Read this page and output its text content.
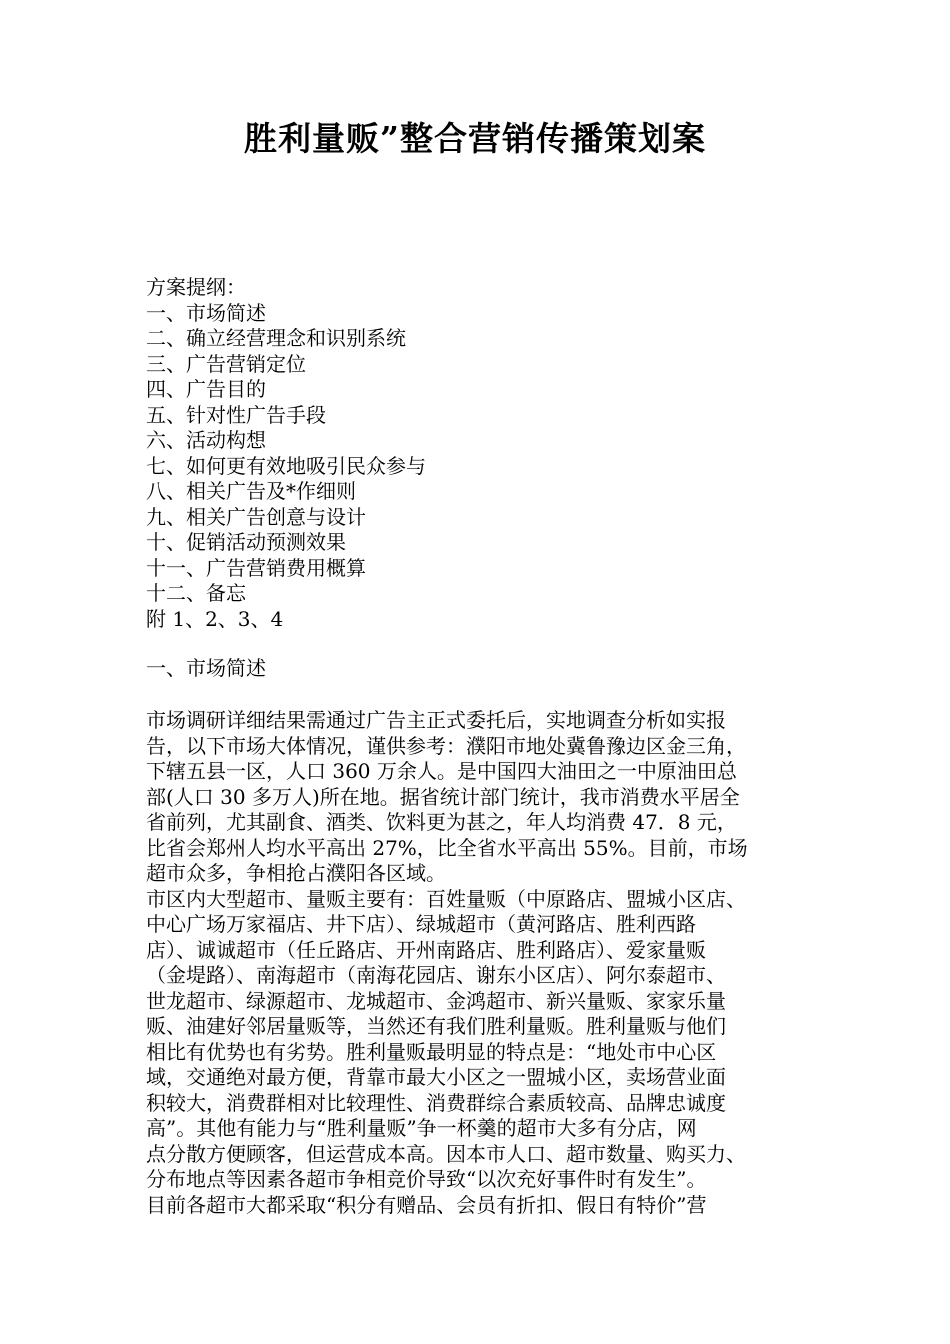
胜利量贩”整合营销传播策划案
方案提纲：
一、市场简述
二、确立经营理念和识别系统
三、广告营销定位
四、广告目的
五、针对性广告手段
六、活动构想
七、如何更有效地吸引民众参与
八、相关广告及*作细则
九、相关广告创意与设计
十、促销活动预测效果
十一、广告营销费用概算
十二、备忘
附 1、2、3、4
一、市场简述
市场调研详细结果需通过广告主正式委托后，实地调查分析如实报
告，以下市场大体情况，谨供参考：濮阳市地处冀鲁豫边区金三角，
下辖五县一区，人口 360 万余人。是中国四大油田之一中原油田总
部(人口 30 多万人)所在地。据省统计部门统计，我市消费水平居全
省前列，尤其副食、酒类、饮料更为甚之，年人均消费 47．8 元，
比省会郑州人均水平高出 27%，比全省水平高出 55%。目前，市场
超市众多，争相抢占濮阳各区域。
市区内大型超市、量贩主要有：百姓量贩（中原路店、盟城小区店、
中心广场万家福店、井下店）、绿城超市（黄河路店、胜利西路
店）、诚诚超市（任丘路店、开州南路店、胜利路店）、爱家量贩
（金堤路）、南海超市（南海花园店、谢东小区店）、阿尔泰超市、
世龙超市、绿源超市、龙城超市、金鸿超市、新兴量贩、家家乐量
贩、油建好邻居量贩等，当然还有我们胜利量贩。胜利量贩与他们
相比有优势也有劣势。胜利量贩最明显的特点是：“地处市中心区
域，交通绝对最方便，背靠市最大小区之一盟城小区，卖场营业面
积较大，消费群相对比较理性、消费群综合素质较高、品牌忠诚度
高”。其他有能力与“胜利量贩”争一杯羹的超市大多有分店，网
点分散方便顾客，但运营成本高。因本市人口、超市数量、购买力、
分布地点等因素各超市争相竞价导致“以次充好事件时有发生”。
目前各超市大都采取“积分有赠品、会员有折扣、假日有特价”营
